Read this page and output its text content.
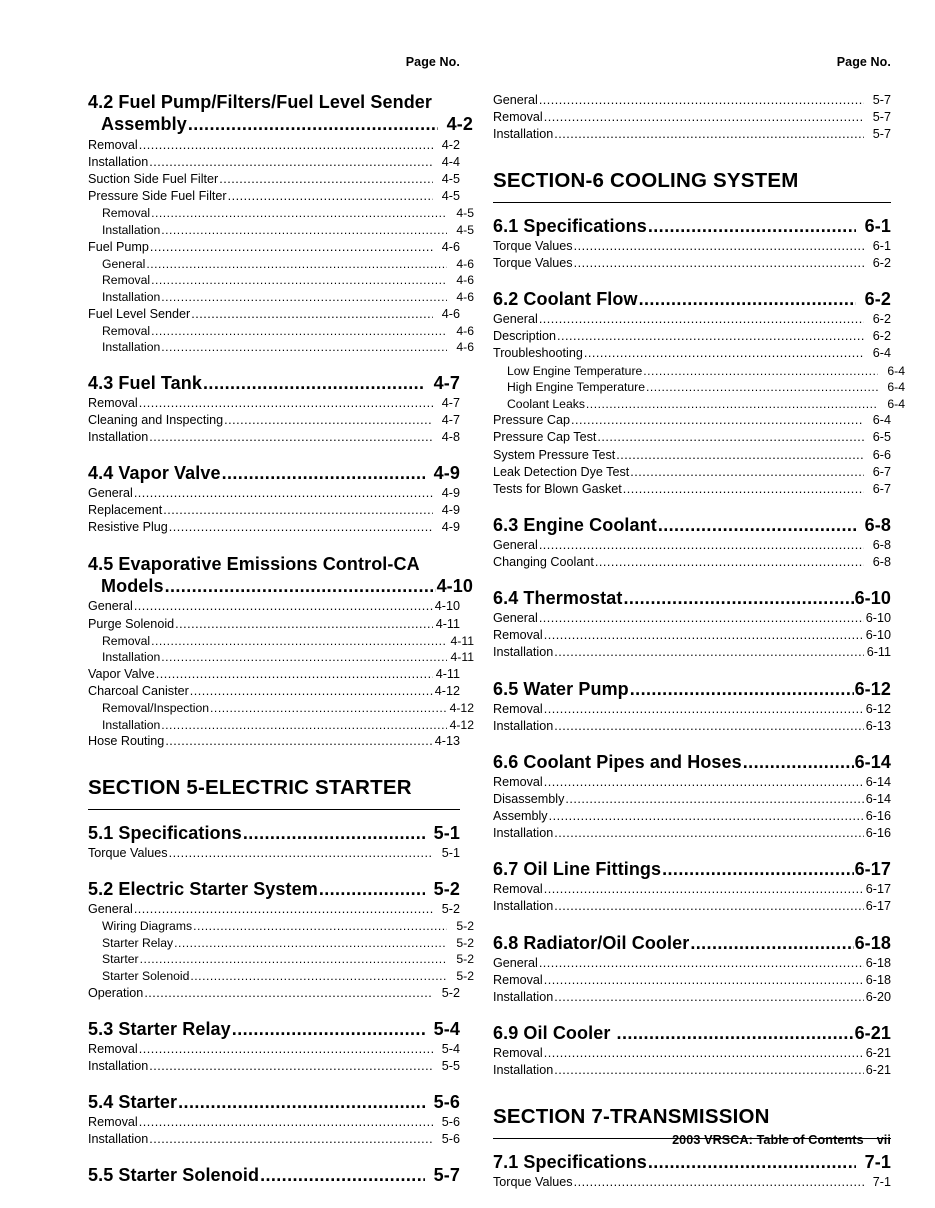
Page No.
4.2 Fuel Pump/Filters/Fuel Level Sender
Assembly .....	4-2
Removal .....	4-2
Installation .....	4-4
Suction Side Fuel Filter .....	4-5
Pressure Side Fuel Filter .....	4-5
Removal .....	4-5
Installation .....	4-5
Fuel Pump .....	4-6
General .....	4-6
Removal .....	4-6
Installation .....	4-6
Fuel Level Sender .....	4-6
Removal .....	4-6
Installation .....	4-6
4.3 Fuel Tank .....	4-7
Removal .....	4-7
Cleaning and Inspecting .....	4-7
Installation .....	4-8
4.4 Vapor Valve .....	4-9
General .....	4-9
Replacement .....	4-9
Resistive Plug .....	4-9
4.5 Evaporative Emissions Control-CA
Models .....	4-10
General .....	4-10
Purge Solenoid .....	4-11
Removal .....	4-11
Installation .....	4-11
Vapor Valve .....	4-11
Charcoal Canister .....	4-12
Removal/Inspection .....	4-12
Installation .....	4-12
Hose Routing .....	4-13
SECTION 5-ELECTRIC STARTER
5.1 Specifications .....	5-1
Torque Values .....	5-1
5.2 Electric Starter System .....	5-2
General .....	5-2
Wiring Diagrams .....	5-2
Starter Relay .....	5-2
Starter .....	5-2
Starter Solenoid .....	5-2
Operation .....	5-2
5.3 Starter Relay .....	5-4
Removal .....	5-4
Installation .....	5-5
5.4 Starter .....	5-6
Removal .....	5-6
Installation .....	5-6
5.5 Starter Solenoid .....	5-7
Page No.
General .....	5-7
Removal .....	5-7
Installation .....	5-7
SECTION-6 COOLING SYSTEM
6.1 Specifications .....	6-1
Torque Values .....	6-1
Torque Values .....	6-2
6.2 Coolant Flow .....	6-2
General .....	6-2
Description .....	6-2
Troubleshooting .....	6-4
Low Engine Temperature .....	6-4
High Engine Temperature .....	6-4
Coolant Leaks .....	6-4
Pressure Cap .....	6-4
Pressure Cap Test .....	6-5
System Pressure Test .....	6-6
Leak Detection Dye Test .....	6-7
Tests for Blown Gasket .....	6-7
6.3 Engine Coolant .....	6-8
General .....	6-8
Changing Coolant .....	6-8
6.4 Thermostat .....	6-10
General .....	6-10
Removal .....	6-10
Installation .....	6-11
6.5 Water Pump .....	6-12
Removal .....	6-12
Installation .....	6-13
6.6 Coolant Pipes and Hoses .....	6-14
Removal .....	6-14
Disassembly .....	6-14
Assembly .....	6-16
Installation .....	6-16
6.7 Oil Line Fittings .....	6-17
Removal .....	6-17
Installation .....	6-17
6.8 Radiator/Oil Cooler .....	6-18
General .....	6-18
Removal .....	6-18
Installation .....	6-20
6.9 Oil Cooler .....	6-21
Removal .....	6-21
Installation .....	6-21
SECTION 7-TRANSMISSION
7.1 Specifications .....	7-1
Torque Values .....	7-1
2003 VRSCA: Table of Contents vii
